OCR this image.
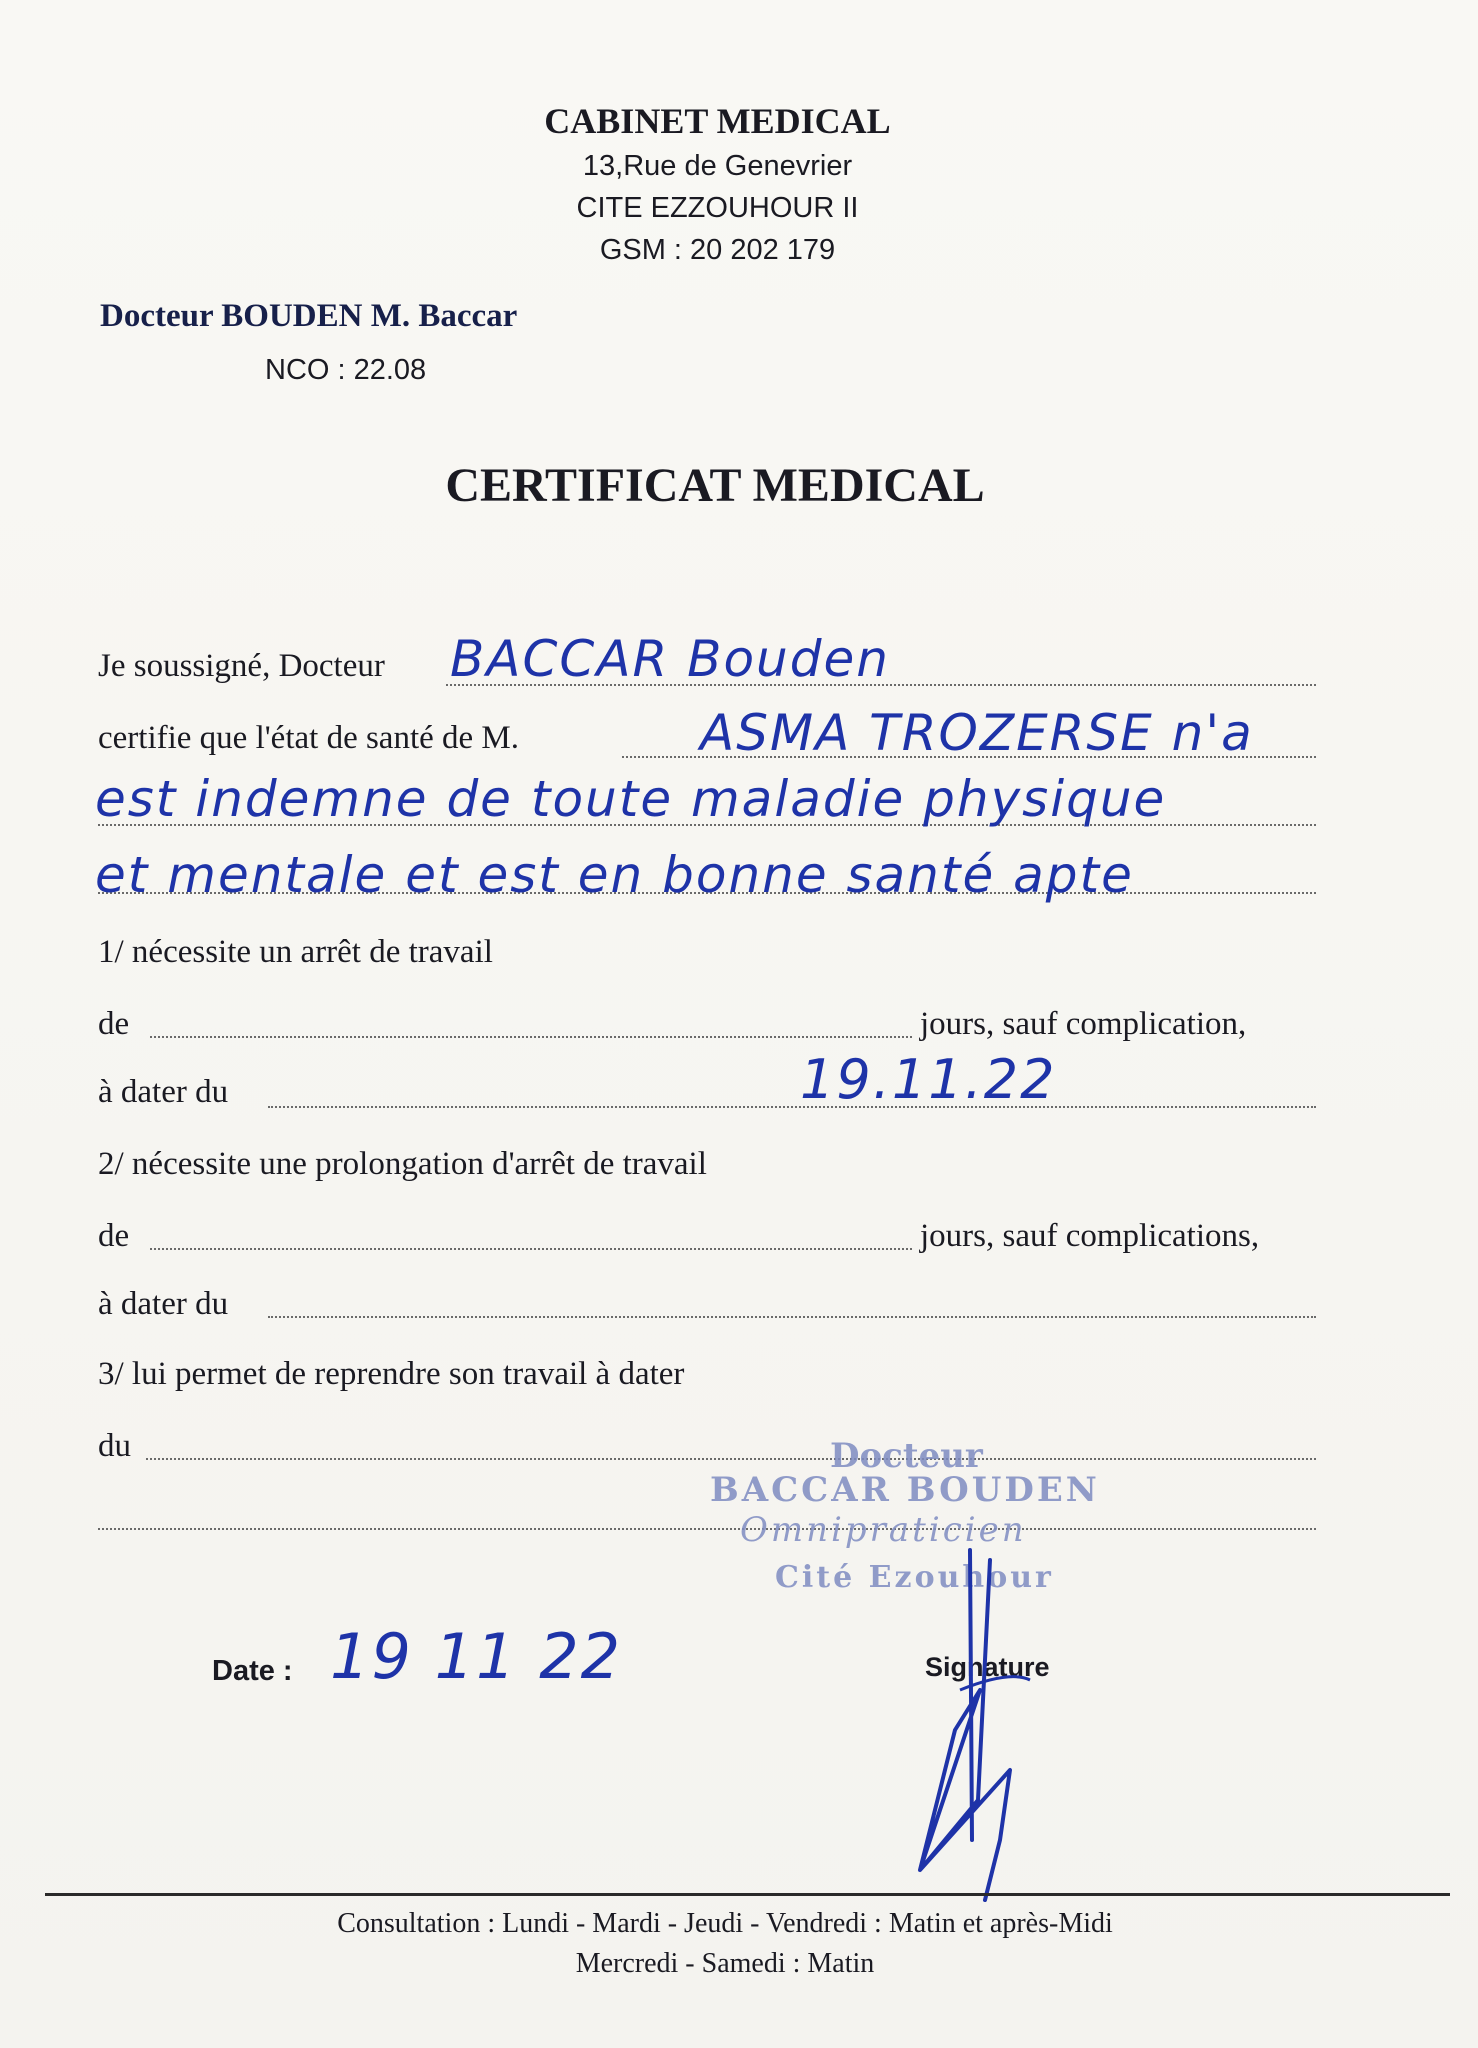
CABINET MEDICAL
13,Rue de Genevrier
CITE EZZOUHOUR II
GSM : 20 202 179
Docteur BOUDEN M. Baccar
NCO : 22.08
CERTIFICAT MEDICAL
Je soussigné, Docteur BACCAR Bouden
certifie que l'état de santé de M.	ASMA TROZERSE n'a
est indemne de toute maladie physique
et mentale et est en bonne santé apte
1/ nécessite un arrêt de travail
de	jours, sauf complication,
à dater du	19.11.22
2/ nécessite une prolongation d'arrêt de travail
de	jours, sauf complications,
à dater du
3/ lui permet de reprendre son travail à dater
du	Docteur
BACCAR BOUDEN
Omnipraticien
Cité Ezouhour
Date : 19 11 22	Signature
Consultation : Lundi - Mardi - Jeudi - Vendredi : Matin et après-Midi
Mercredi - Samedi : Matin
